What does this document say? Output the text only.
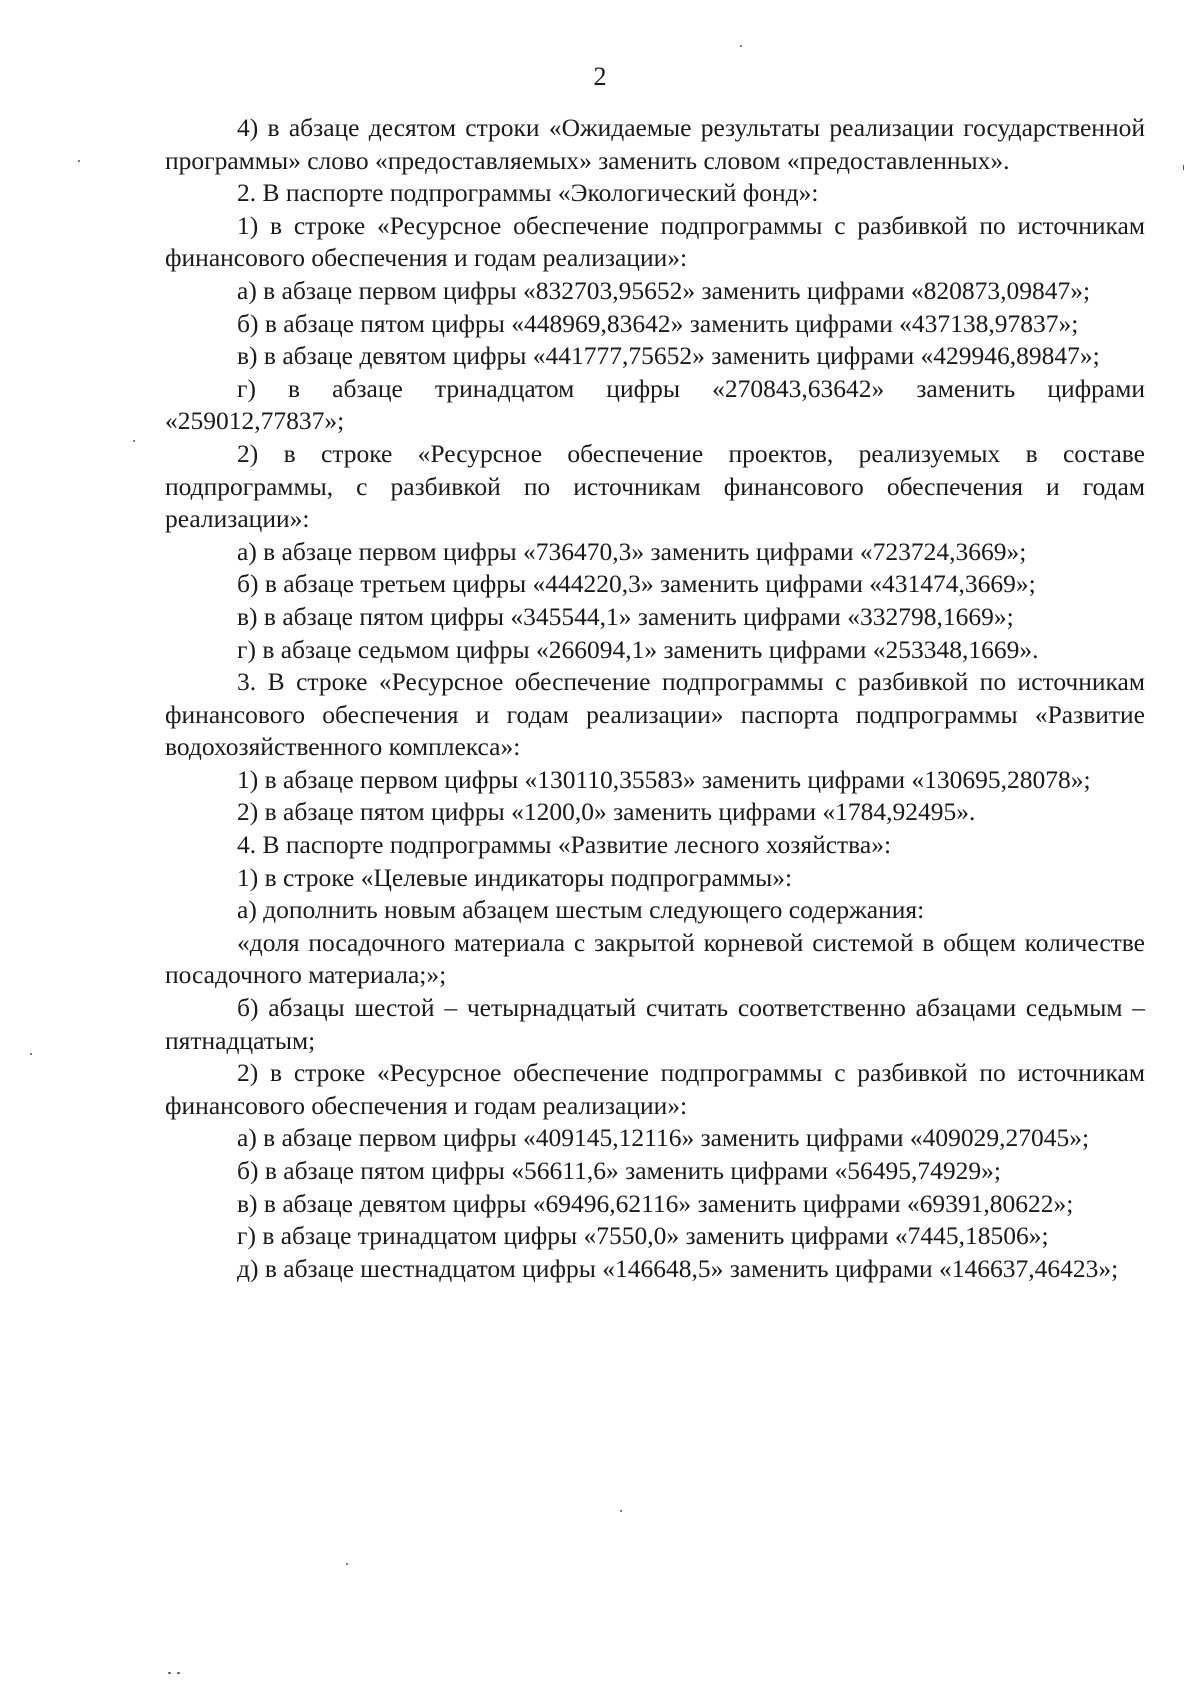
2

4) в абзаце десятом строки «Ожидаемые результаты реализации государственной программы» слово «предоставляемых» заменить словом «предоставленных».

2. В паспорте подпрограммы «Экологический фонд»:

1) в строке «Ресурсное обеспечение подпрограммы с разбивкой по источникам финансового обеспечения и годам реализации»:

а) в абзаце первом цифры «832703,95652» заменить цифрами «820873,09847»;

б) в абзаце пятом цифры «448969,83642» заменить цифрами «437138,97837»;

в) в абзаце девятом цифры «441777,75652» заменить цифрами «429946,89847»;

г) в абзаце тринадцатом цифры «270843,63642» заменить цифрами «259012,77837»;

2) в строке «Ресурсное обеспечение проектов, реализуемых в составе подпрограммы, с разбивкой по источникам финансового обеспечения и годам реализации»:

а) в абзаце первом цифры «736470,3» заменить цифрами «723724,3669»;

б) в абзаце третьем цифры «444220,3» заменить цифрами «431474,3669»;

в) в абзаце пятом цифры «345544,1» заменить цифрами «332798,1669»;

г) в абзаце седьмом цифры «266094,1» заменить цифрами «253348,1669».

3. В строке «Ресурсное обеспечение подпрограммы с разбивкой по источникам финансового обеспечения и годам реализации» паспорта подпрограммы «Развитие водохозяйственного комплекса»:

1) в абзаце первом цифры «130110,35583» заменить цифрами «130695,28078»;

2) в абзаце пятом цифры «1200,0» заменить цифрами «1784,92495».

4. В паспорте подпрограммы «Развитие лесного хозяйства»:

1) в строке «Целевые индикаторы подпрограммы»:

а) дополнить новым абзацем шестым следующего содержания:

«доля посадочного материала с закрытой корневой системой в общем количестве посадочного материала;»;

б) абзацы шестой – четырнадцатый считать соответственно абзацами седьмым – пятнадцатым;

2) в строке «Ресурсное обеспечение подпрограммы с разбивкой по источникам финансового обеспечения и годам реализации»:

а) в абзаце первом цифры «409145,12116» заменить цифрами «409029,27045»;

б) в абзаце пятом цифры «56611,6» заменить цифрами «56495,74929»;

в) в абзаце девятом цифры «69496,62116» заменить цифрами «69391,80622»;

г) в абзаце тринадцатом цифры «7550,0» заменить цифрами «7445,18506»;

д) в абзаце шестнадцатом цифры «146648,5» заменить цифрами «146637,46423»;
